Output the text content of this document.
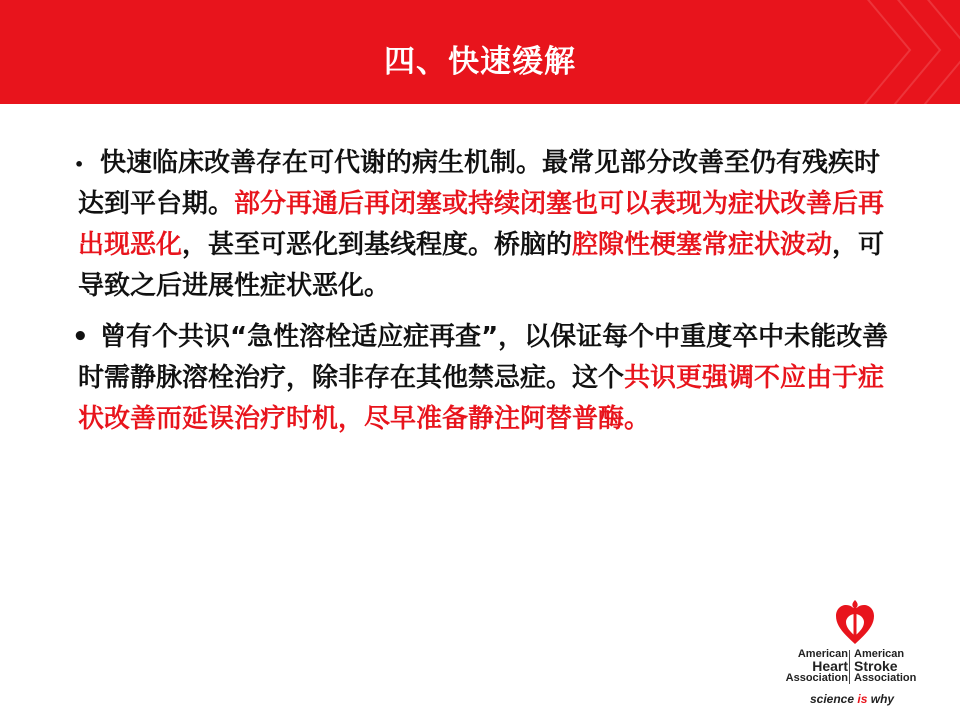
四、快速缓解
• 快速临床改善存在可代谢的病生机制。最常见部分改善至仍有残疾时达到平台期。部分再通后再闭塞或持续闭塞也可以表现为症状改善后再出现恶化，甚至可恶化到基线程度。桥脑的腔隙性梗塞常症状波动，可导致之后进展性症状恶化。
• 曾有个共识“急性溶栓适应症再查”，以保证每个中重度卒中未能改善时需静脉溶栓治疗，除非存在其他禁忌症。这个共识更强调不应由于症状改善而延误治疗时机，尽早准备静注阿替普酶。
American
Heart
Association
American
Stroke
Association
science is why
